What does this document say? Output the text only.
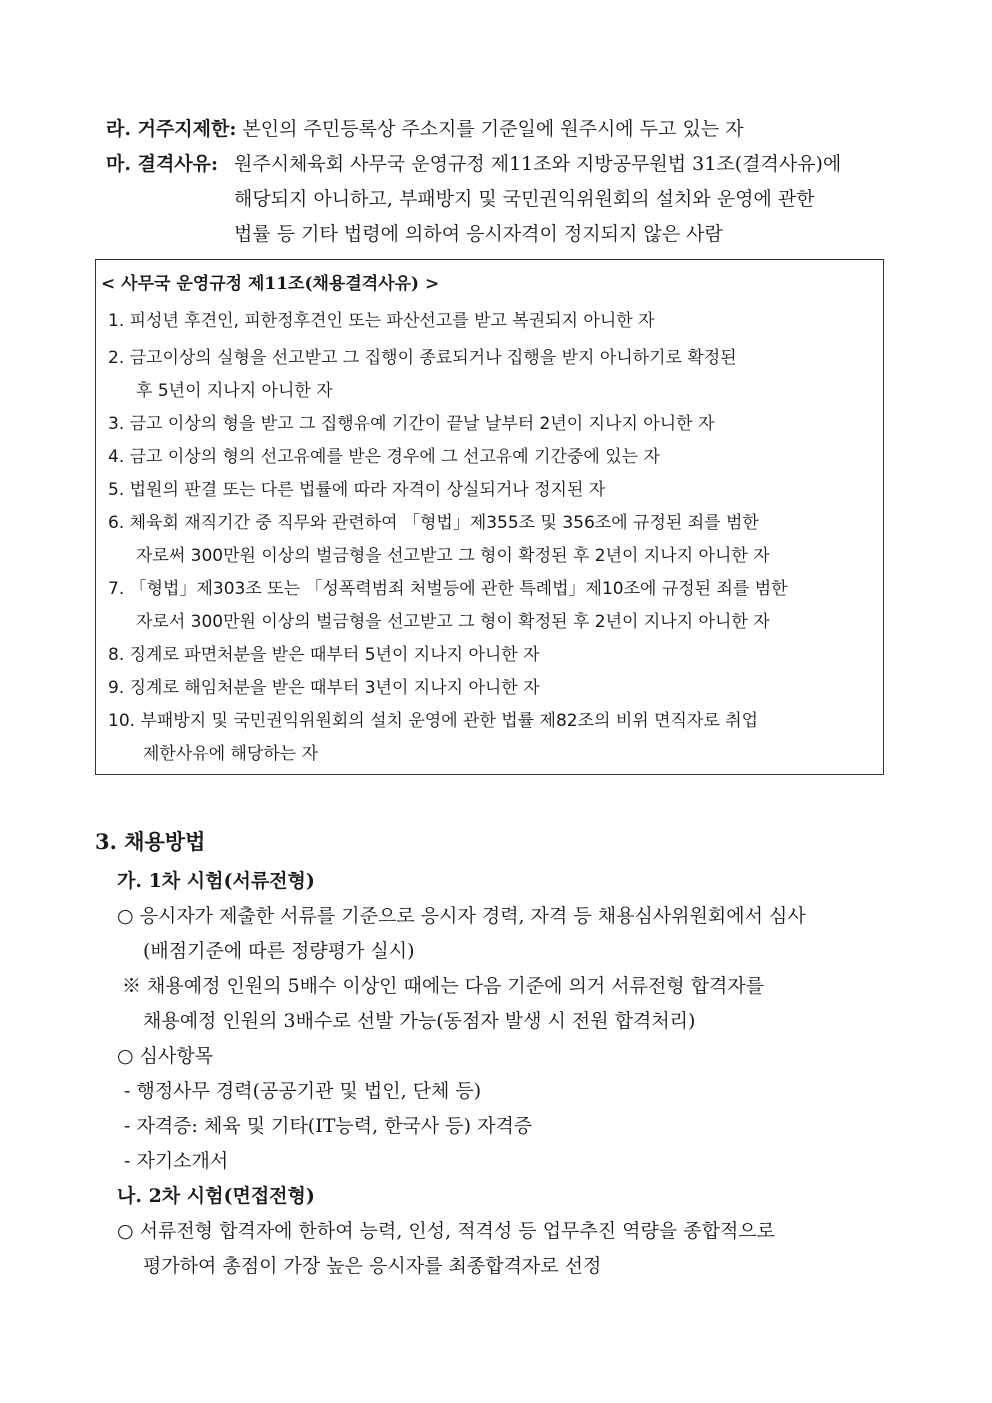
라. 거주지제한: 본인의 주민등록상 주소지를 기준일에 원주시에 두고 있는 자
마. 결격사유: 원주시체육회 사무국 운영규정 제11조와 지방공무원법 31조(결격사유)에
해당되지 아니하고, 부패방지 및 국민권익위원회의 설치와 운영에 관한
법률 등 기타 법령에 의하여 응시자격이 정지되지 않은 사람
< 사무국 운영규정 제11조(채용결격사유) >
1. 피성년 후견인, 피한정후견인 또는 파산선고를 받고 복권되지 아니한 자
2. 금고이상의 실형을 선고받고 그 집행이 종료되거나 집행을 받지 아니하기로 확정된
후 5년이 지나지 아니한 자
3. 금고 이상의 형을 받고 그 집행유예 기간이 끝날 날부터 2년이 지나지 아니한 자
4. 금고 이상의 형의 선고유예를 받은 경우에 그 선고유예 기간중에 있는 자
5. 법원의 판결 또는 다른 법률에 따라 자격이 상실되거나 정지된 자
6. 체육회 재직기간 중 직무와 관련하여 「형법」제355조 및 356조에 규정된 죄를 범한
자로써 300만원 이상의 벌금형을 선고받고 그 형이 확정된 후 2년이 지나지 아니한 자
7. 「형법」제303조 또는 「성폭력범죄 처벌등에 관한 특례법」제10조에 규정된 죄를 범한
자로서 300만원 이상의 벌금형을 선고받고 그 형이 확정된 후 2년이 지나지 아니한 자
8. 징계로 파면처분을 받은 때부터 5년이 지나지 아니한 자
9. 징계로 해임처분을 받은 때부터 3년이 지나지 아니한 자
10. 부패방지 및 국민권익위원회의 설치 운영에 관한 법률 제82조의 비위 면직자로 취업
제한사유에 해당하는 자
3. 채용방법
가. 1차 시험(서류전형)
○ 응시자가 제출한 서류를 기준으로 응시자 경력, 자격 등 채용심사위원회에서 심사
(배점기준에 따른 정량평가 실시)
※ 채용예정 인원의 5배수 이상인 때에는 다음 기준에 의거 서류전형 합격자를
채용예정 인원의 3배수로 선발 가능(동점자 발생 시 전원 합격처리)
○ 심사항목
- 행정사무 경력(공공기관 및 법인, 단체 등)
- 자격증: 체육 및 기타(IT능력, 한국사 등) 자격증
- 자기소개서
나. 2차 시험(면접전형)
○ 서류전형 합격자에 한하여 능력, 인성, 적격성 등 업무추진 역량을 종합적으로
평가하여 총점이 가장 높은 응시자를 최종합격자로 선정
